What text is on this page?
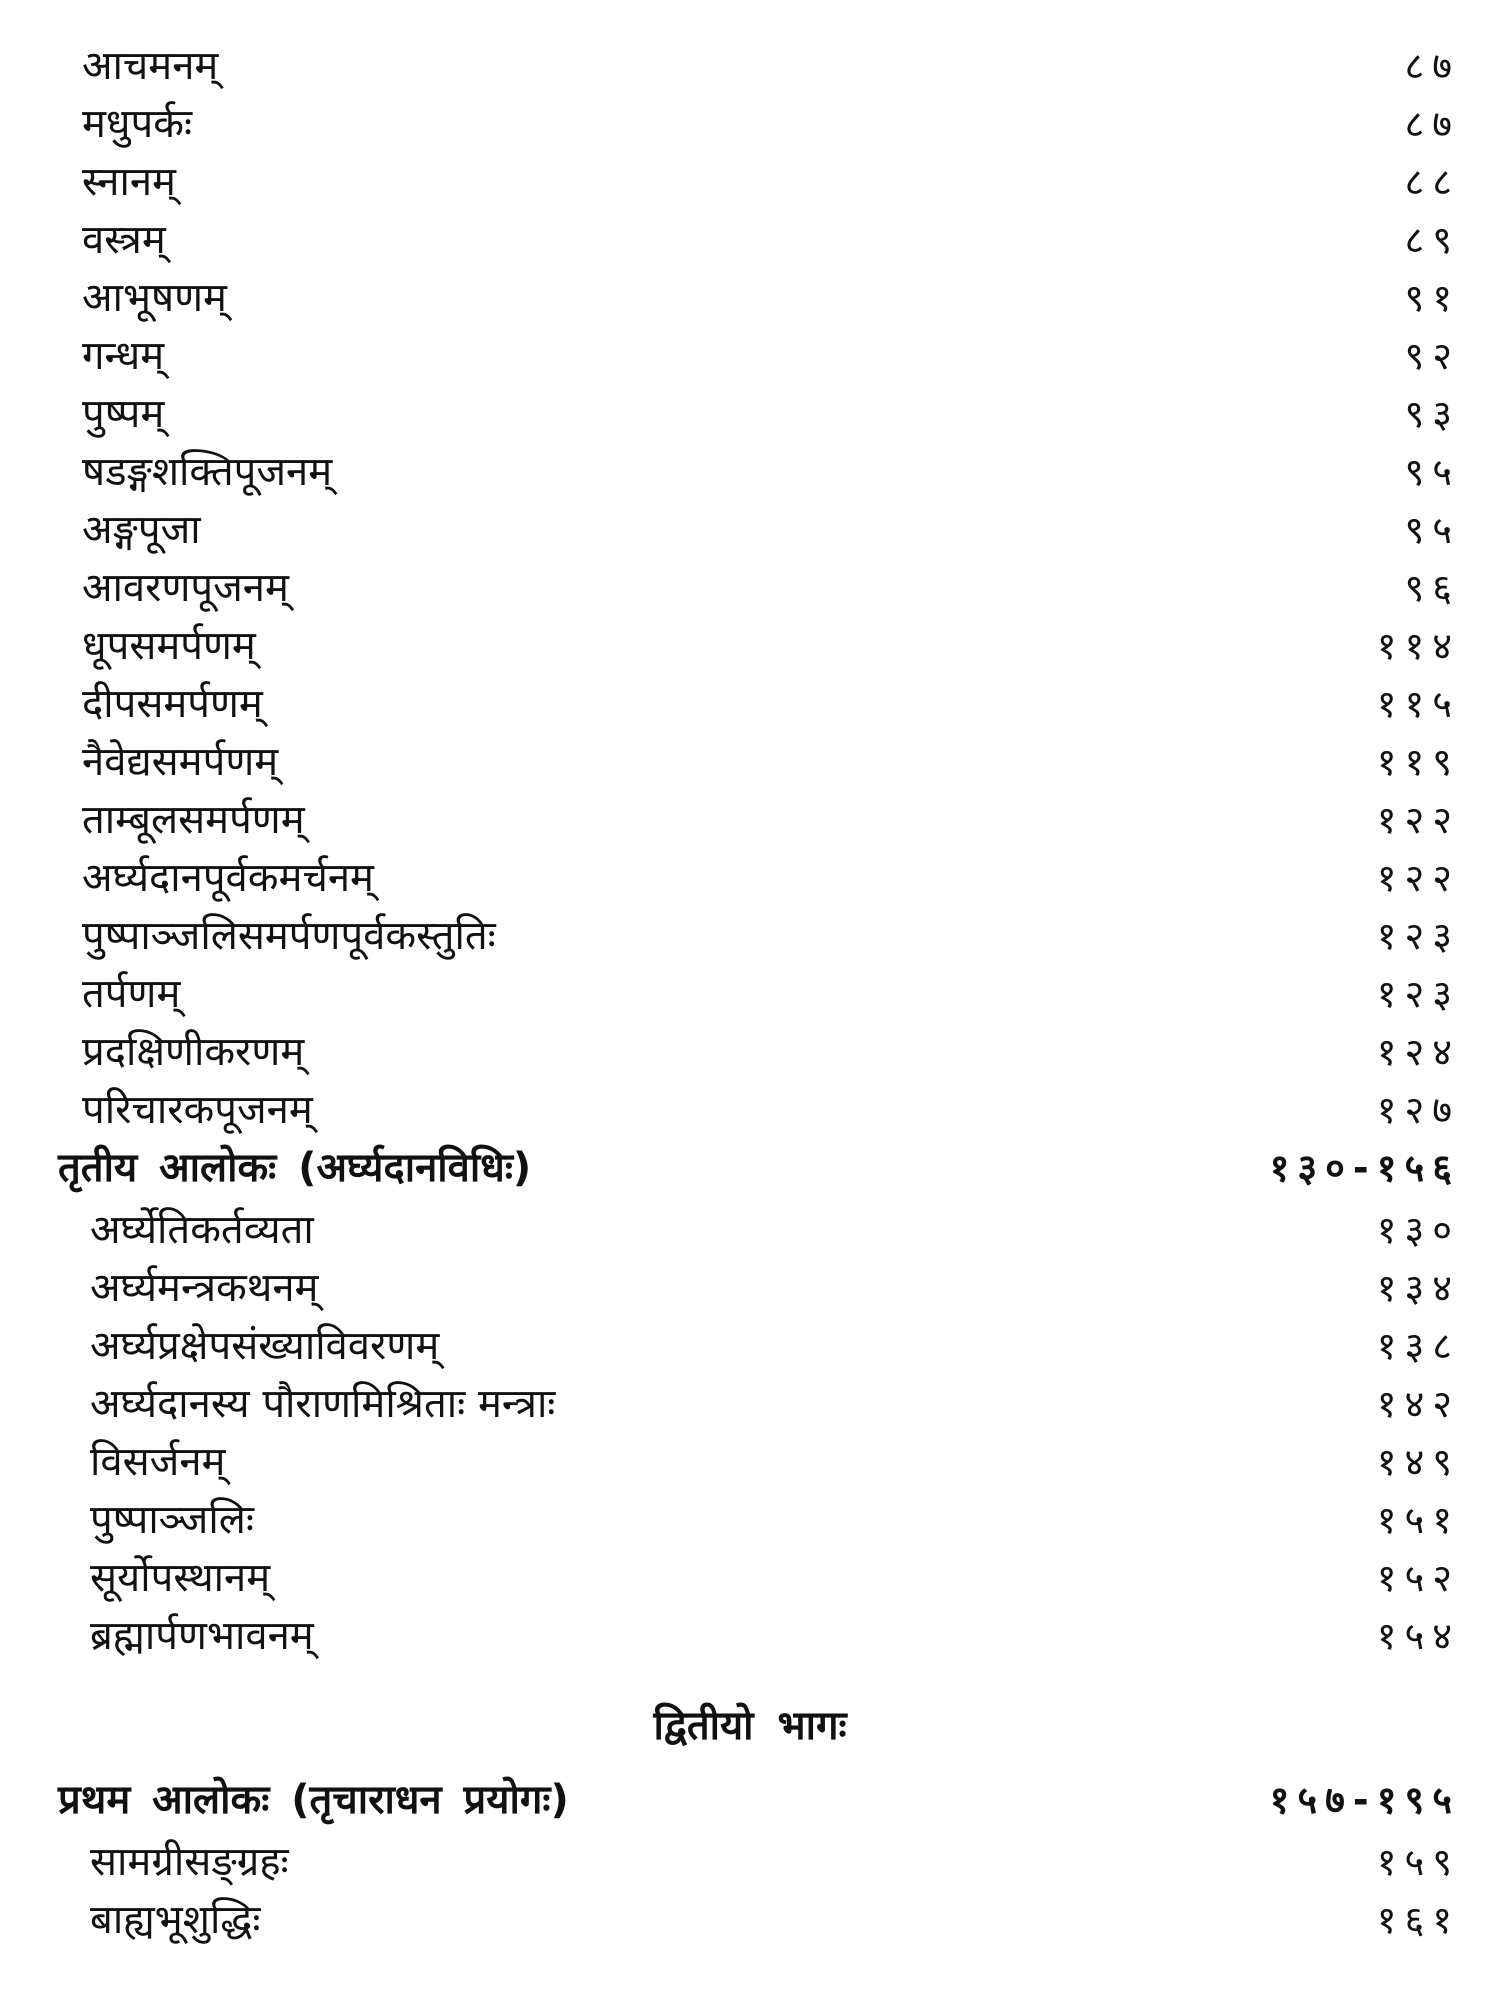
आचमनम्	८७
मधुपर्कः	८७
स्नानम्	८८
वस्त्रम्	८९
आभूषणम्	९१
गन्धम्	९२
पुष्पम्	९३
षडङ्गशक्तिपूजनम्	९५
अङ्गपूजा	९५
आवरणपूजनम्	९६
धूपसमर्पणम्	११४
दीपसमर्पणम्	११५
नैवेद्यसमर्पणम्	११९
ताम्बूलसमर्पणम्	१२२
अर्घ्यदानपूर्वकमर्चनम्	१२२
पुष्पाञ्जलिसमर्पणपूर्वकस्तुतिः	१२३
तर्पणम्	१२३
प्रदक्षिणीकरणम्	१२४
परिचारकपूजनम्	१२७
तृतीय आलोकः (अर्घ्यदानविधिः)	१३०-१५६
अर्घ्येतिकर्तव्यता	१३०
अर्घ्यमन्त्रकथनम्	१३४
अर्घ्यप्रक्षेपसंख्याविवरणम्	१३८
अर्घ्यदानस्य पौराणमिश्रिताः मन्त्राः	१४२
विसर्जनम्	१४९
पुष्पाञ्जलिः	१५१
सूर्योपस्थानम्	१५२
ब्रह्मार्पणभावनम्	१५४
द्वितीयो भागः
प्रथम आलोकः (तृचाराधन प्रयोगः)	१५७-१९५
सामग्रीसङ्ग्रहः	१५९
बाह्यभूशुद्धिः	१६१
